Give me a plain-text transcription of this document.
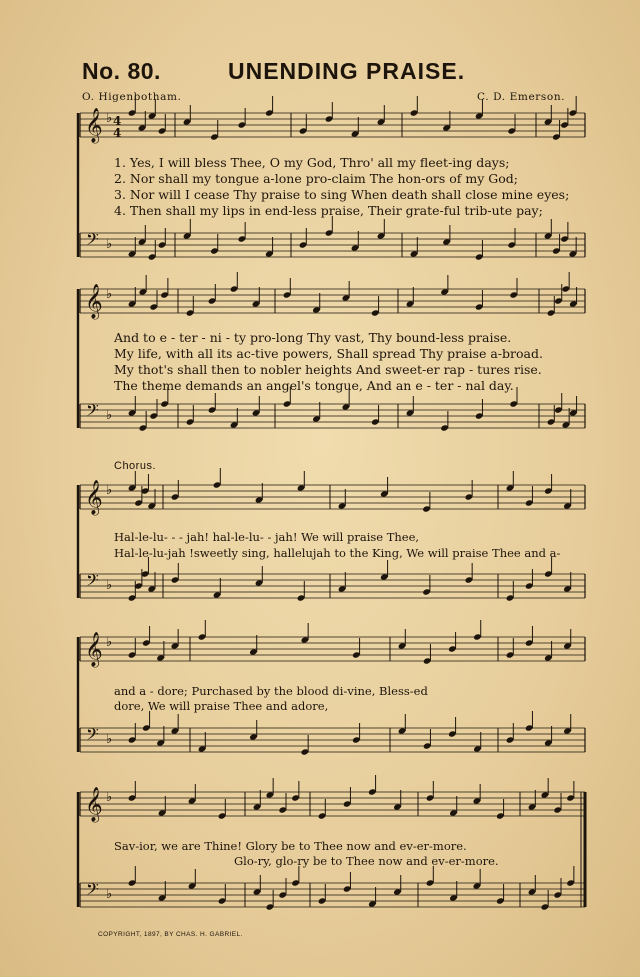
No. 80.	UNENDING PRAISE.
O. Higenbotham.	C. D. Emerson.
1. Yes, I will bless Thee, O my God, Thro' all my fleet-ing days;
2. Nor shall my tongue a-lone pro-claim The hon-ors of my God;
3. Nor will I cease Thy praise to sing When death shall close mine eyes;
4. Then shall my lips in end-less praise, Their grate-ful trib-ute pay;
And to e - ter - ni - ty pro-long Thy vast, Thy bound-less praise.
My life, with all its ac-tive powers, Shall spread Thy praise a-broad.
My thot's shall then to nobler heights And sweet-er rap - tures rise.
The theme demands an angel's tongue, And an e - ter - nal day.
Chorus.
Hal-le-lu- - - jah! hal-le-lu- - jah! We will praise Thee,
Hal-le-lu-jah !sweetly sing, hallelujah to the King, We will praise Thee and a-
and a - dore; Purchased by the blood di-vine, Bless-ed
dore, We will praise Thee and adore,
Sav-ior, we are Thine! Glory be to Thee now and ev-er-more.
Glo-ry, glo-ry be to Thee now and ev-er-more.
COPYRIGHT, 1897, BY CHAS. H. GABRIEL.
𝄞 ♭
𝄢 ♭
𝄞 ♭
𝄢 ♭
𝄞 ♭
𝄢 ♭
𝄞 ♭
𝄢 ♭
𝄞 ♭
𝄢 ♭
4
4
